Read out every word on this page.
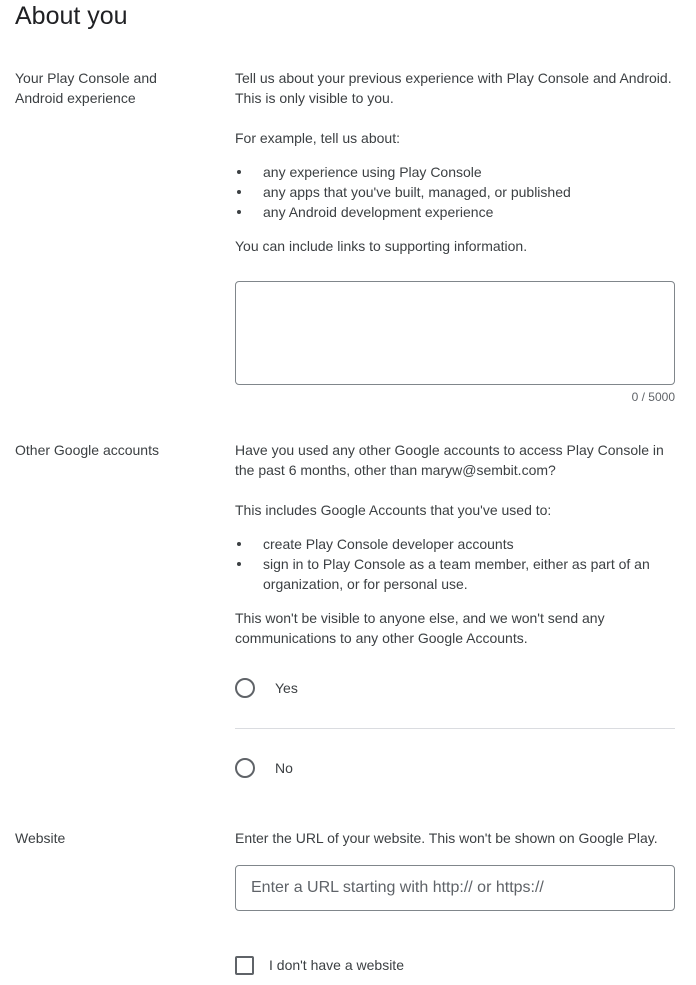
About you
Your Play Console and Android experience

Tell us about your previous experience with Play Console and Android. This is only visible to you.

For example, tell us about:

any experience using Play Console
any apps that you've built, managed, or published
any Android development experience

You can include links to supporting information.

0 / 5000
Other Google accounts	Have you used any other Google accounts to access Play Console in the past 6 months, other than maryw@sembit.com?

This includes Google Accounts that you've used to:

create Play Console developer accounts
sign in to Play Console as a team member, either as part of an organization, or for personal use.

This won't be visible to anyone else, and we won't send any communications to any other Google Accounts.

Yes
No
Website	Enter the URL of your website. This won't be shown on Google Play.
Enter a URL starting with http:// or https://
I don't have a website
